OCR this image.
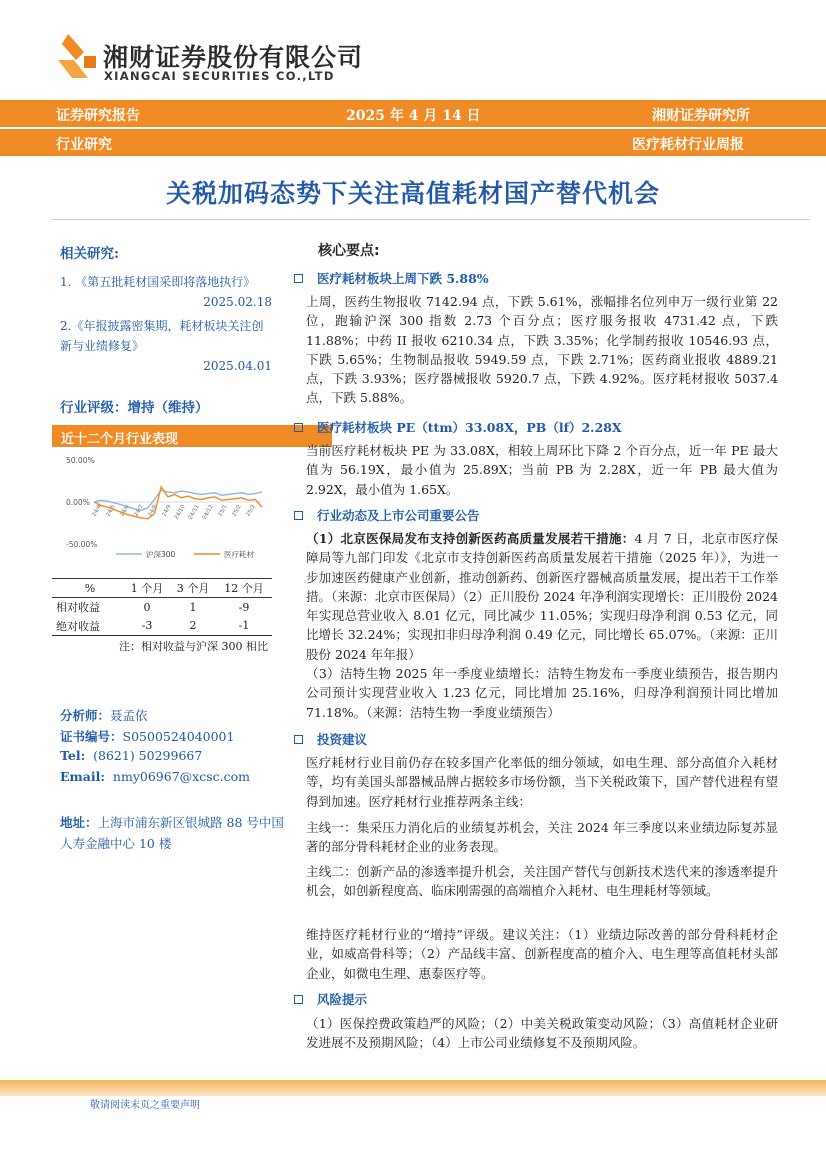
湘财证券股份有限公司
XIANGCAI SECURITIES CO.,LTD
证券研究报告	2025 年 4 月 14 日	湘财证券研究所
行业研究	医疗耗材行业周报
关税加码态势下关注高值耗材国产替代机会
相关研究:
1. 《第五批耗材国采即将落地执行》
2025.02.18
2.《年报披露密集期，耗材板块关注创新与业绩修复》
2025.04.01
行业评级：增持（维持）
近十二个月行业表现
50.00%
0.00%
-50.00%
24/4 24/5 24/6 24/7 24/8 24/9 24/10 24/11 24/12 25/1 25/2 25/3
沪深300	医疗耗材
%	1 个月	3 个月	12 个月
相对收益	0	1	-9
绝对收益	-3	2	-1
注：相对收益与沪深 300 相比
分析师：聂孟依
证书编号：S0500524040001
Tel: (8621) 50299667
Email: nmy06967@xcsc.com
地址：上海市浦东新区银城路 88 号中国人寿金融中心 10 楼
核心要点:
医疗耗材板块上周下跌 5.88%
上周，医药生物报收 7142.94 点，下跌 5.61%，涨幅排名位列申万一级行业第 22 位，跑输沪深 300 指数 2.73 个百分点；医疗服务报收 4731.42 点，下跌 11.88%；中药 II 报收 6210.34 点，下跌 3.35%；化学制药报收 10546.93 点，下跌 5.65%；生物制品报收 5949.59 点，下跌 2.71%；医药商业报收 4889.21 点，下跌 3.93%；医疗器械报收 5920.7 点，下跌 4.92%。医疗耗材报收 5037.4 点，下跌 5.88%。
医疗耗材板块 PE（ttm）33.08X，PB（lf）2.28X
当前医疗耗材板块 PE 为 33.08X，相较上周环比下降 2 个百分点，近一年 PE 最大值为 56.19X，最小值为 25.89X；当前 PB 为 2.28X，近一年 PB 最大值为 2.92X，最小值为 1.65X。
行业动态及上市公司重要公告
（1）北京医保局发布支持创新医药高质量发展若干措施：4 月 7 日，北京市医疗保障局等九部门印发《北京市支持创新医药高质量发展若干措施（2025 年）》，为进一步加速医药健康产业创新，推动创新药、创新医疗器械高质量发展，提出若干工作举措。（来源：北京市医保局）（2）正川股份 2024 年净利润实现增长：正川股份 2024 年实现总营业收入 8.01 亿元，同比减少 11.05%；实现归母净利润 0.53 亿元，同比增长 32.24%；实现扣非归母净利润 0.49 亿元，同比增长 65.07%。（来源：正川股份 2024 年年报）
（3）洁特生物 2025 年一季度业绩增长：洁特生物发布一季度业绩预告，报告期内公司预计实现营业收入 1.23 亿元，同比增加 25.16%，归母净利润预计同比增加 71.18%。（来源：洁特生物一季度业绩预告）
投资建议
医疗耗材行业目前仍存在较多国产化率低的细分领域，如电生理、部分高值介入耗材等，均有美国头部器械品牌占据较多市场份额，当下关税政策下，国产替代进程有望得到加速。医疗耗材行业推荐两条主线：
主线一：集采压力消化后的业绩复苏机会，关注 2024 年三季度以来业绩边际复苏显著的部分骨科耗材企业的业务表现。
主线二：创新产品的渗透率提升机会，关注国产替代与创新技术迭代来的渗透率提升机会，如创新程度高、临床刚需强的高端植介入耗材、电生理耗材等领域。
维持医疗耗材行业的“增持”评级。建议关注：（1）业绩边际改善的部分骨科耗材企业，如威高骨科等；（2）产品线丰富、创新程度高的植介入、电生理等高值耗材头部企业，如微电生理、惠泰医疗等。
风险提示
（1）医保控费政策趋严的风险；（2）中美关税政策变动风险；（3）高值耗材企业研发进展不及预期风险；（4）上市公司业绩修复不及预期风险。
敬请阅读末页之重要声明
